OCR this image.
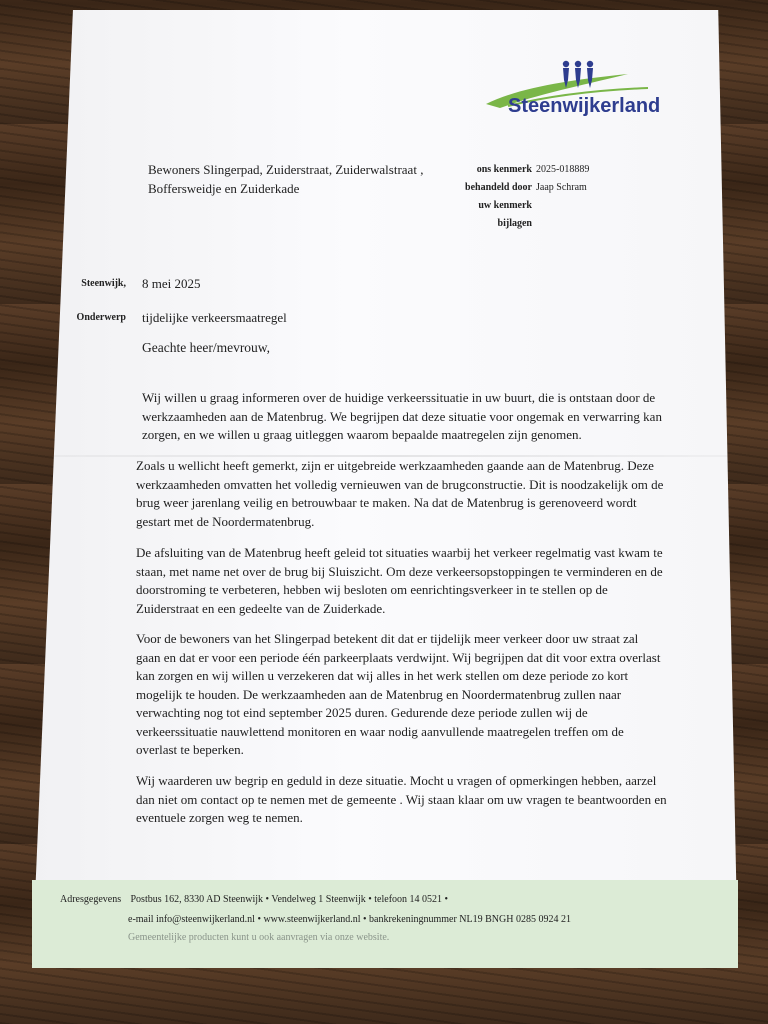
Steenwijkerland
Bewoners Slingerpad, Zuiderstraat, Zuiderwalstraat ,
Boffersweidje en Zuiderkade
ons kenmerk 2025-018889
behandeld door Jaap Schram
uw kenmerk
bijlagen
Steenwijk,	8 mei 2025
Onderwerp	tijdelijke verkeersmaatregel
Geachte heer/mevrouw,
Wij willen u graag informeren over de huidige verkeerssituatie in uw buurt, die is ontstaan door de
werkzaamheden aan de Matenbrug. We begrijpen dat deze situatie voor ongemak en verwarring kan
zorgen, en we willen u graag uitleggen waarom bepaalde maatregelen zijn genomen.
Zoals u wellicht heeft gemerkt, zijn er uitgebreide werkzaamheden gaande aan de Matenbrug. Deze
werkzaamheden omvatten het volledig vernieuwen van de brugconstructie. Dit is noodzakelijk om de
brug weer jarenlang veilig en betrouwbaar te maken. Na dat de Matenbrug is gerenoveerd wordt
gestart met de Noordermatenbrug.
De afsluiting van de Matenbrug heeft geleid tot situaties waarbij het verkeer regelmatig vast kwam te
staan, met name net over de brug bij Sluiszicht. Om deze verkeersopstoppingen te verminderen en de
doorstroming te verbeteren, hebben wij besloten om eenrichtingsverkeer in te stellen op de
Zuiderstraat en een gedeelte van de Zuiderkade.
Voor de bewoners van het Slingerpad betekent dit dat er tijdelijk meer verkeer door uw straat zal
gaan en dat er voor een periode één parkeerplaats verdwijnt. Wij begrijpen dat dit voor extra overlast
kan zorgen en wij willen u verzekeren dat wij alles in het werk stellen om deze periode zo kort
mogelijk te houden. De werkzaamheden aan de Matenbrug en Noordermatenbrug zullen naar
verwachting nog tot eind september 2025 duren. Gedurende deze periode zullen wij de
verkeerssituatie nauwlettend monitoren en waar nodig aanvullende maatregelen treffen om de
overlast te beperken.
Wij waarderen uw begrip en geduld in deze situatie. Mocht u vragen of opmerkingen hebben, aarzel
dan niet om contact op te nemen met de gemeente . Wij staan klaar om uw vragen te beantwoorden en
eventuele zorgen weg te nemen.
Adresgegevens Postbus 162, 8330 AD Steenwijk • Vendelweg 1 Steenwijk • telefoon 14 0521 •
e-mail info@steenwijkerland.nl • www.steenwijkerland.nl • bankrekeningnummer NL19 BNGH 0285 0924 21
Gemeentelijke producten kunt u ook aanvragen via onze website.
